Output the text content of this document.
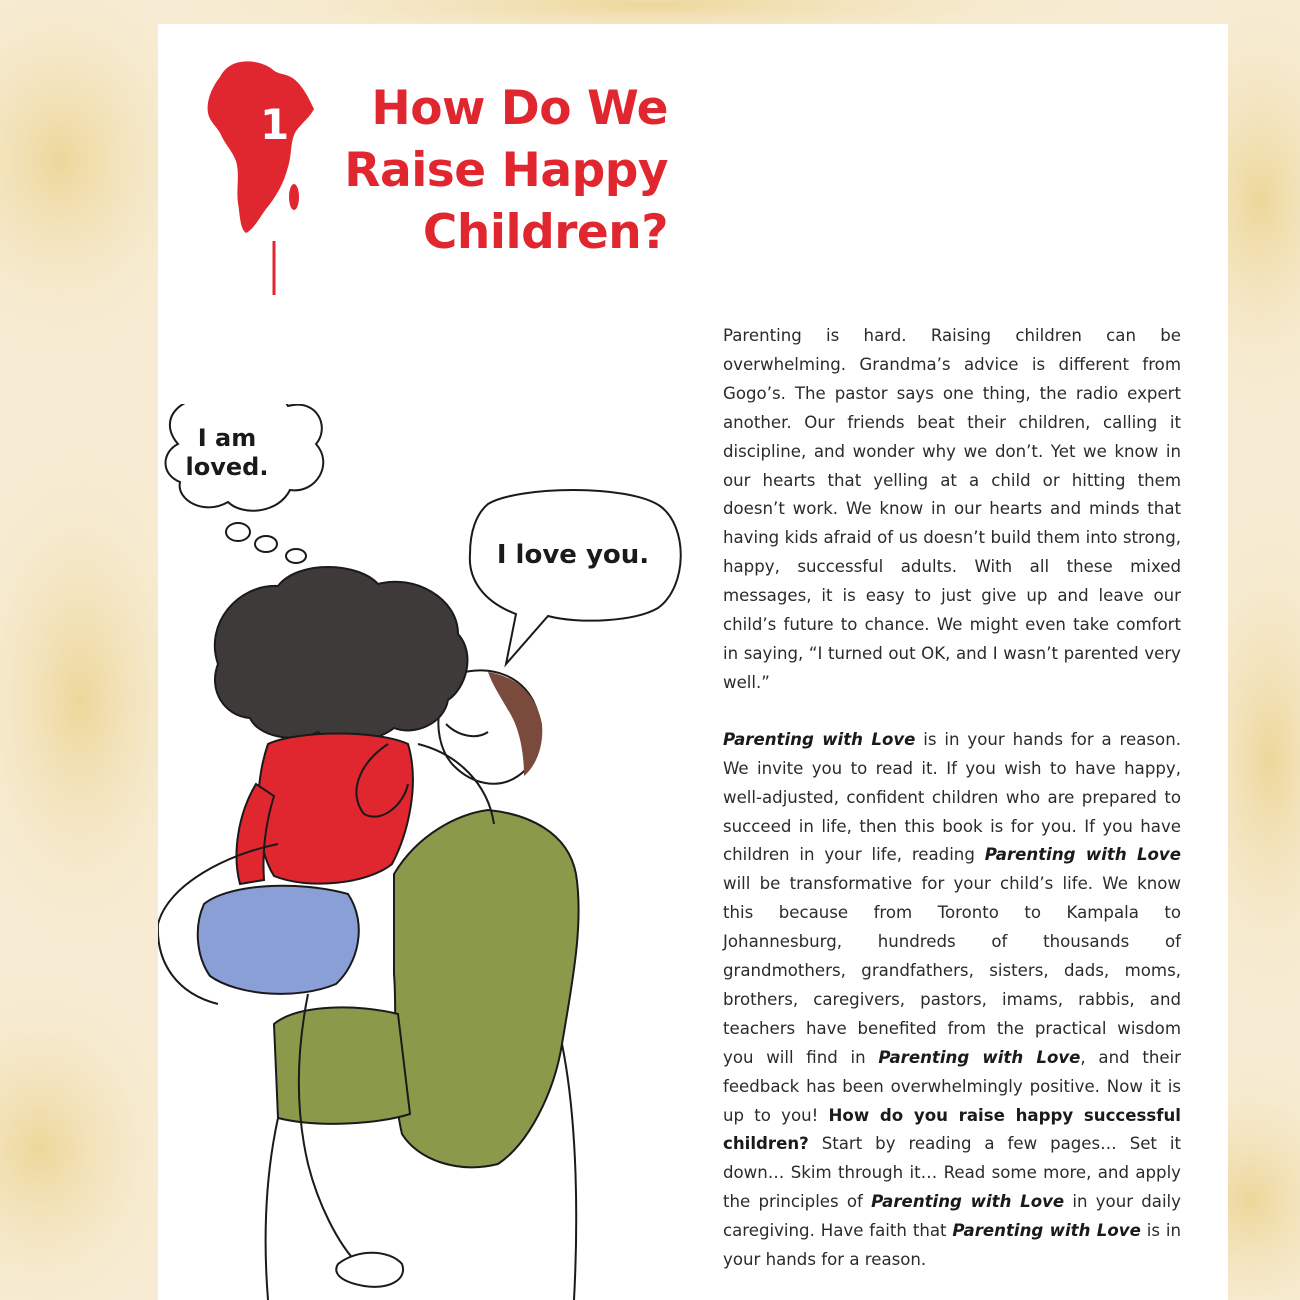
1	How Do We
Raise Happy
Children?
I am
loved.
I love you.

Parenting is hard. Raising children can be overwhelming. Grandma’s advice is different from Gogo’s. The pastor says one thing, the radio expert another. Our friends beat their children, calling it discipline, and wonder why we don’t. Yet we know in our hearts that yelling at a child or hitting them doesn’t work. We know in our hearts and minds that having kids afraid of us doesn’t build them into strong, happy, successful adults. With all these mixed messages, it is easy to just give up and leave our child’s future to chance. We might even take comfort in saying, “I turned out OK, and I wasn’t parented very well.”

Parenting with Love is in your hands for a reason. We invite you to read it. If you wish to have happy, well-adjusted, confident children who are prepared to succeed in life, then this book is for you. If you have children in your life, reading Parenting with Love will be transformative for your child’s life. We know this because from Toronto to Kampala to Johannesburg, hundreds of thousands of grandmothers, grandfathers, sisters, dads, moms, brothers, caregivers, pastors, imams, rabbis, and teachers have benefited from the practical wisdom you will find in Parenting with Love, and their feedback has been overwhelmingly positive. Now it is up to you! How do you raise happy successful children? Start by reading a few pages… Set it down… Skim through it… Read some more, and apply the principles of Parenting with Love in your daily caregiving. Have faith that Parenting with Love is in your hands for a reason.
